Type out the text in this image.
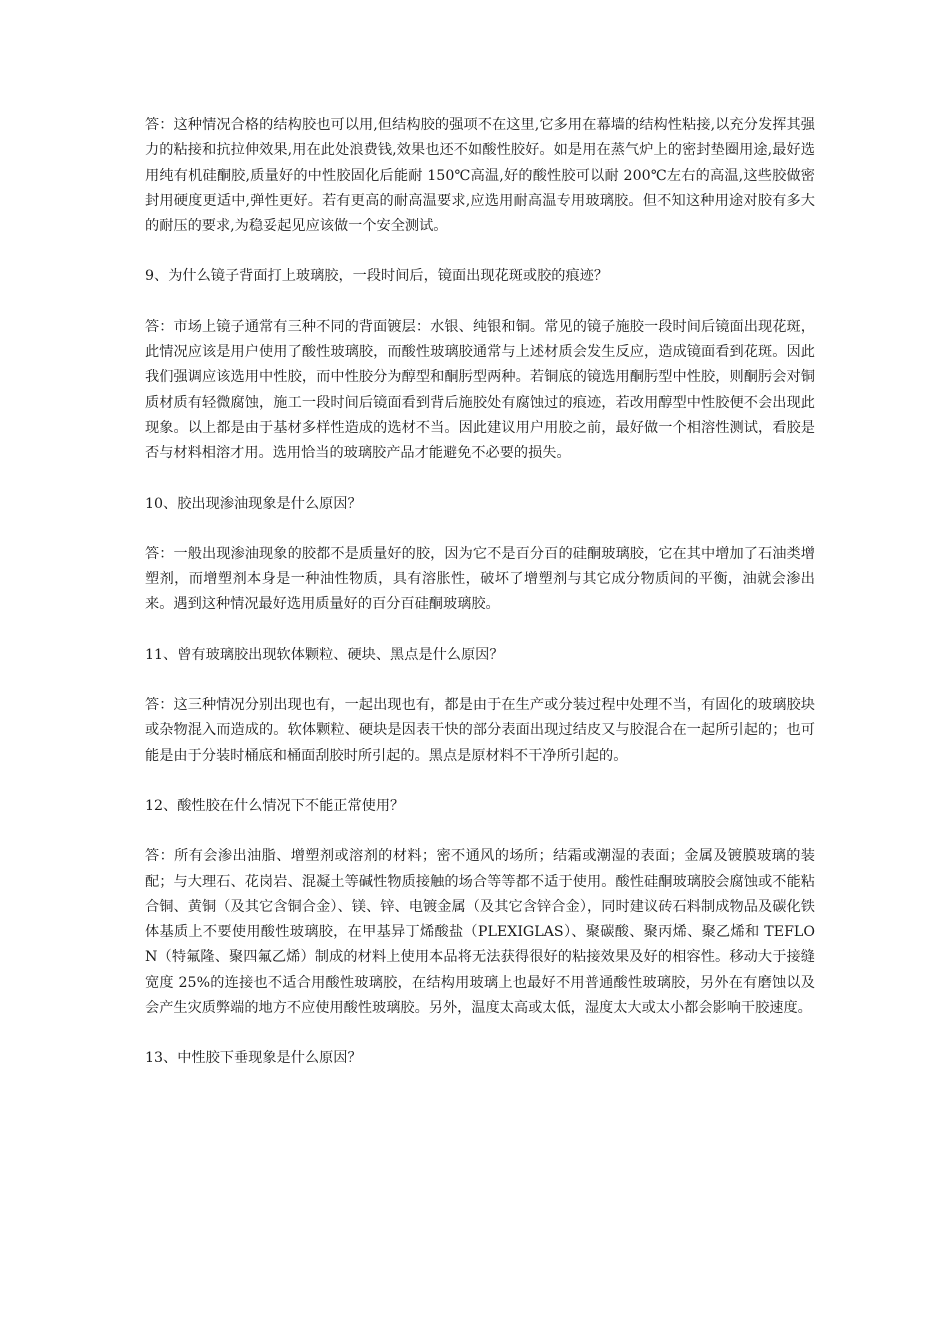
答：这种情况合格的结构胶也可以用,但结构胶的强项不在这里,它多用在幕墙的结构性粘接,以充分发挥其强力的粘接和抗拉伸效果,用在此处浪费钱,效果也还不如酸性胶好。如是用在蒸气炉上的密封垫圈用途,最好选用纯有机硅酮胶,质量好的中性胶固化后能耐 150℃高温,好的酸性胶可以耐 200℃左右的高温,这些胶做密封用硬度更适中,弹性更好。若有更高的耐高温要求,应选用耐高温专用玻璃胶。但不知这种用途对胶有多大的耐压的要求,为稳妥起见应该做一个安全测试。

9、为什么镜子背面打上玻璃胶，一段时间后，镜面出现花斑或胶的痕迹？

答：市场上镜子通常有三种不同的背面镀层：水银、纯银和铜。常见的镜子施胶一段时间后镜面出现花斑，此情况应该是用户使用了酸性玻璃胶，而酸性玻璃胶通常与上述材质会发生反应，造成镜面看到花斑。因此我们强调应该选用中性胶，而中性胶分为醇型和酮肟型两种。若铜底的镜选用酮肟型中性胶，则酮肟会对铜质材质有轻微腐蚀，施工一段时间后镜面看到背后施胶处有腐蚀过的痕迹，若改用醇型中性胶便不会出现此现象。以上都是由于基材多样性造成的选材不当。因此建议用户用胶之前，最好做一个相溶性测试，看胶是否与材料相溶才用。选用恰当的玻璃胶产品才能避免不必要的损失。

10、胶出现渗油现象是什么原因？

答：一般出现渗油现象的胶都不是质量好的胶，因为它不是百分百的硅酮玻璃胶，它在其中增加了石油类增塑剂，而增塑剂本身是一种油性物质，具有溶胀性，破坏了增塑剂与其它成分物质间的平衡，油就会渗出来。遇到这种情况最好选用质量好的百分百硅酮玻璃胶。

11、曾有玻璃胶出现软体颗粒、硬块、黑点是什么原因？

答：这三种情况分别出现也有，一起出现也有，都是由于在生产或分装过程中处理不当，有固化的玻璃胶块或杂物混入而造成的。软体颗粒、硬块是因表干快的部分表面出现过结皮又与胶混合在一起所引起的；也可能是由于分装时桶底和桶面刮胶时所引起的。黑点是原材料不干净所引起的。

12、酸性胶在什么情况下不能正常使用？

答：所有会渗出油脂、增塑剂或溶剂的材料；密不通风的场所；结霜或潮湿的表面；金属及镀膜玻璃的装配；与大理石、花岗岩、混凝土等碱性物质接触的场合等等都不适于使用。酸性硅酮玻璃胶会腐蚀或不能粘合铜、黄铜（及其它含铜合金）、镁、锌、电镀金属（及其它含锌合金），同时建议砖石料制成物品及碳化铁体基质上不要使用酸性玻璃胶，在甲基异丁烯酸盐（PLEXIGLAS）、聚碳酸、聚丙烯、聚乙烯和 TEFLON（特氟隆、聚四氟乙烯）制成的材料上使用本品将无法获得很好的粘接效果及好的相容性。移动大于接缝宽度 25%的连接也不适合用酸性玻璃胶，在结构用玻璃上也最好不用普通酸性玻璃胶，另外在有磨蚀以及会产生灾质弊端的地方不应使用酸性玻璃胶。另外，温度太高或太低，湿度太大或太小都会影响干胶速度。

13、中性胶下垂现象是什么原因？
